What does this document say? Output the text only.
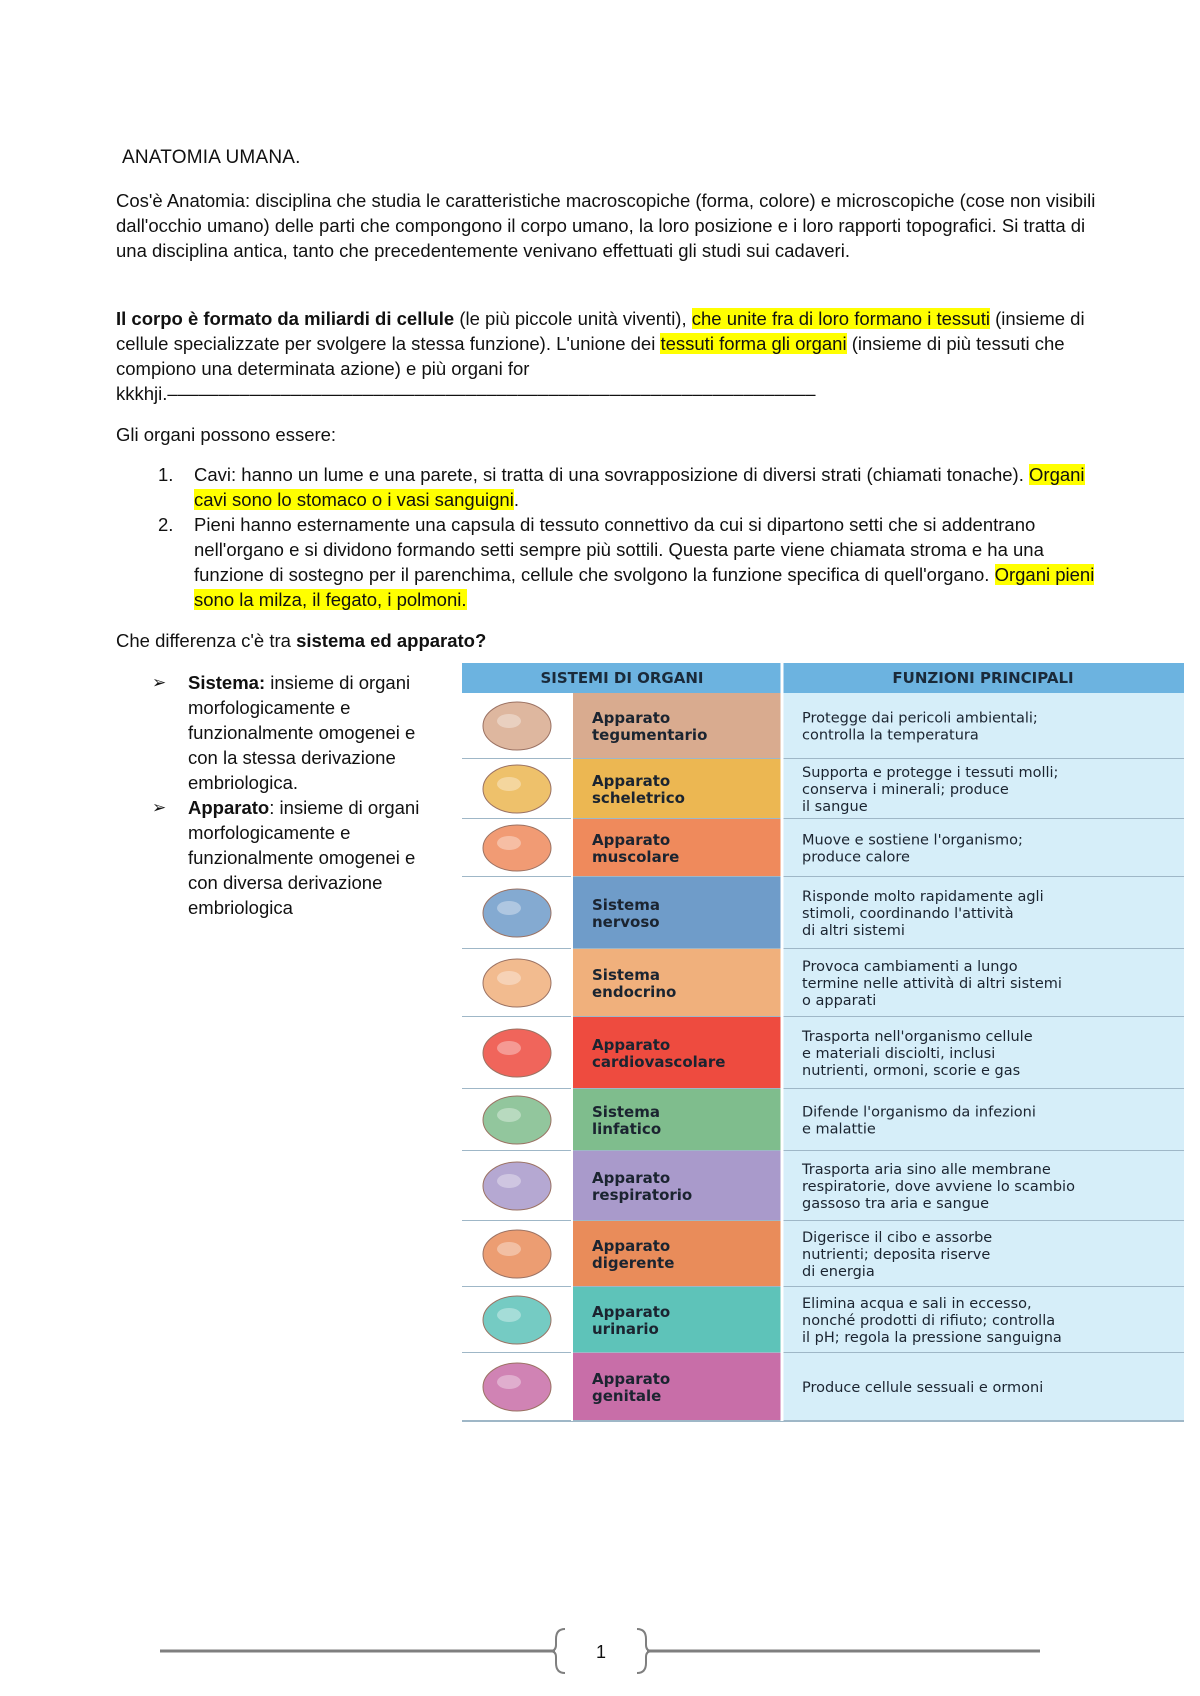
ANATOMIA UMANA.
Cos'è Anatomia: disciplina che studia le caratteristiche macroscopiche (forma, colore) e microscopiche (cose non visibili dall'occhio umano) delle parti che compongono il corpo umano, la loro posizione e i loro rapporti topografici. Si tratta di una disciplina antica, tanto che precedentemente venivano effettuati gli studi sui cadaveri.
Il corpo è formato da miliardi di cellule (le più piccole unità viventi), che unite fra di loro formano i tessuti (insieme di cellule specializzate per svolgere la stessa funzione). L'unione dei tessuti forma gli organi (insieme di più tessuti che compiono una determinata azione) e più organi for kkkhji.–––––––––––––––––––––––––––––––––––––––––––––––––––––––––––––––
Gli organi possono essere:
1. Cavi: hanno un lume e una parete, si tratta di una sovrapposizione di diversi strati (chiamati tonache). Organi cavi sono lo stomaco o i vasi sanguigni.
2. Pieni hanno esternamente una capsula di tessuto connettivo da cui si dipartono setti che si addentrano nell'organo e si dividono formando setti sempre più sottili. Questa parte viene chiamata stroma e ha una funzione di sostegno per il parenchima, cellule che svolgono la funzione specifica di quell'organo. Organi pieni sono la milza, il fegato, i polmoni.
Che differenza c'è tra sistema ed apparato?
➢ Sistema: insieme di organi morfologicamente e funzionalmente omogenei e con la stessa derivazione embriologica.
➢ Apparato: insieme di organi morfologicamente e funzionalmente omogenei e con diversa derivazione embriologica
SISTEMI DI ORGANI	FUNZIONI PRINCIPALI
Apparato
tegumentario
Protegge dai pericoli ambientali;
controlla la temperatura
Apparato
scheletrico
Supporta e protegge i tessuti molli;
conserva i minerali; produce
il sangue
Apparato
muscolare
Muove e sostiene l'organismo;
produce calore
Sistema
nervoso
Risponde molto rapidamente agli
stimoli, coordinando l'attività
di altri sistemi
Sistema
endocrino
Provoca cambiamenti a lungo
termine nelle attività di altri sistemi
o apparati
Apparato
cardiovascolare
Trasporta nell'organismo cellule
e materiali disciolti, inclusi
nutrienti, ormoni, scorie e gas
Sistema
linfatico
Difende l'organismo da infezioni
e malattie
Apparato
respiratorio
Trasporta aria sino alle membrane
respiratorie, dove avviene lo scambio
gassoso tra aria e sangue
Apparato
digerente
Digerisce il cibo e assorbe
nutrienti; deposita riserve
di energia
Apparato
urinario
Elimina acqua e sali in eccesso,
nonché prodotti di rifiuto; controlla
il pH; regola la pressione sanguigna
Apparato
genitale	Produce cellule sessuali e ormoni
1
